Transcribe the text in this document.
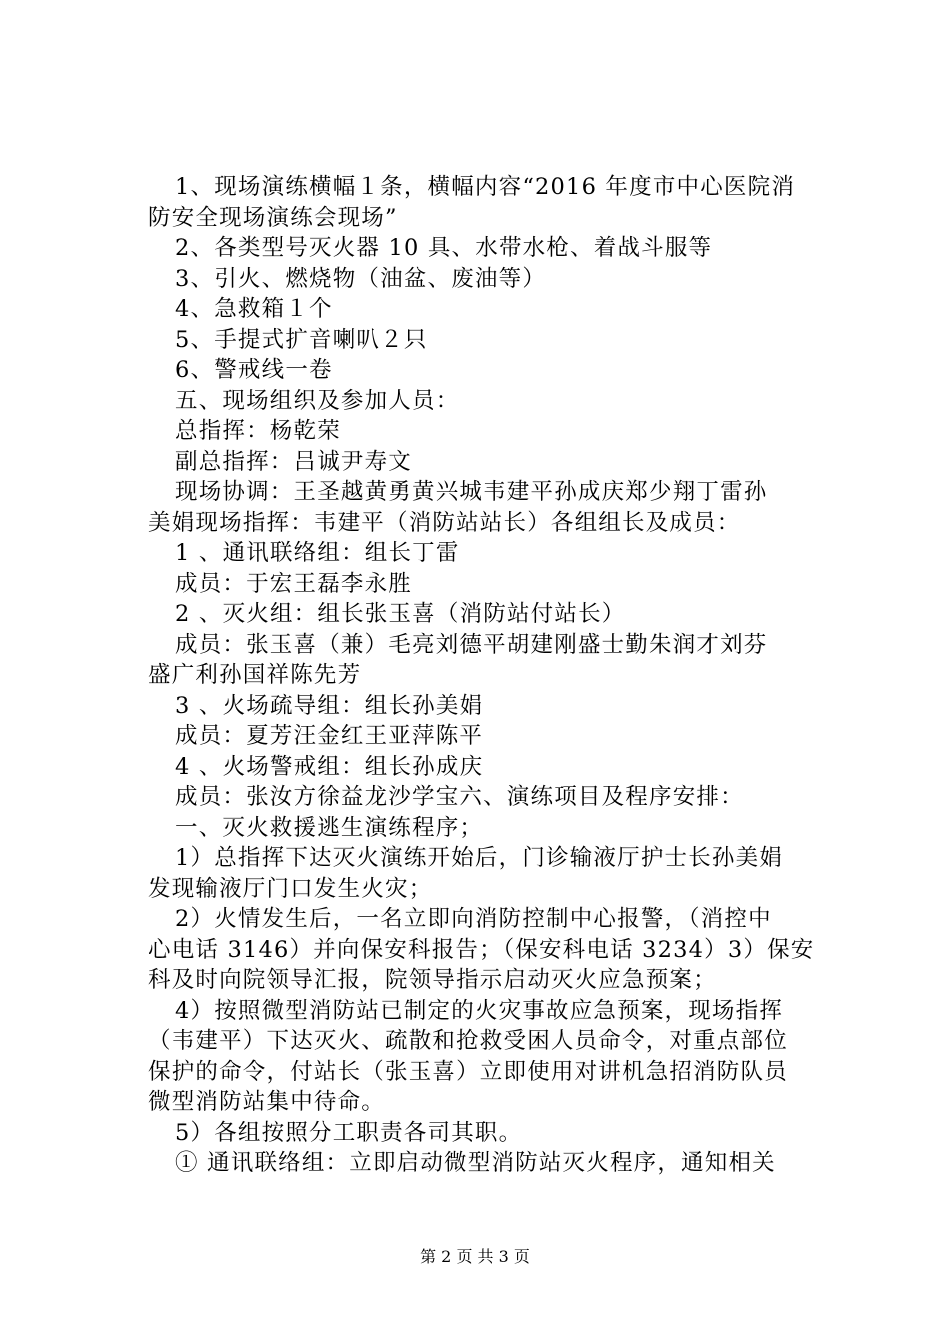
1、现场演练横幅１条，横幅内容“2016 年度市中心医院消
防安全现场演练会现场”
2、各类型号灭火器 10 具、水带水枪、着战斗服等
3、引火、燃烧物（油盆、废油等）
4、急救箱１个
5、手提式扩音喇叭２只
6、警戒线一卷
五、现场组织及参加人员：
总指挥：杨乾荣
副总指挥：吕诚尹寿文
现场协调：王圣越黄勇黄兴城韦建平孙成庆郑少翔丁雷孙
美娟现场指挥：韦建平（消防站站长）各组组长及成员：
1 、通讯联络组：组长丁雷
成员：于宏王磊李永胜
2 、灭火组：组长张玉喜（消防站付站长）
成员：张玉喜（兼）毛亮刘德平胡建刚盛士勤朱润才刘芬
盛广利孙国祥陈先芳
3 、火场疏导组：组长孙美娟
成员：夏芳汪金红王亚萍陈平
4 、火场警戒组：组长孙成庆
成员：张汝方徐益龙沙学宝六、演练项目及程序安排：
一、灭火救援逃生演练程序；
1）总指挥下达灭火演练开始后，门诊输液厅护士长孙美娟
发现输液厅门口发生火灾；
2）火情发生后，一名立即向消防控制中心报警，（消控中
心电话 3146）并向保安科报告；（保安科电话 3234）3）保安
科及时向院领导汇报，院领导指示启动灭火应急预案；
4）按照微型消防站已制定的火灾事故应急预案，现场指挥
（韦建平）下达灭火、疏散和抢救受困人员命令，对重点部位
保护的命令，付站长（张玉喜）立即使用对讲机急招消防队员
微型消防站集中待命。
5）各组按照分工职责各司其职。
① 通讯联络组：立即启动微型消防站灭火程序，通知相关
第 2 页 共 3 页
